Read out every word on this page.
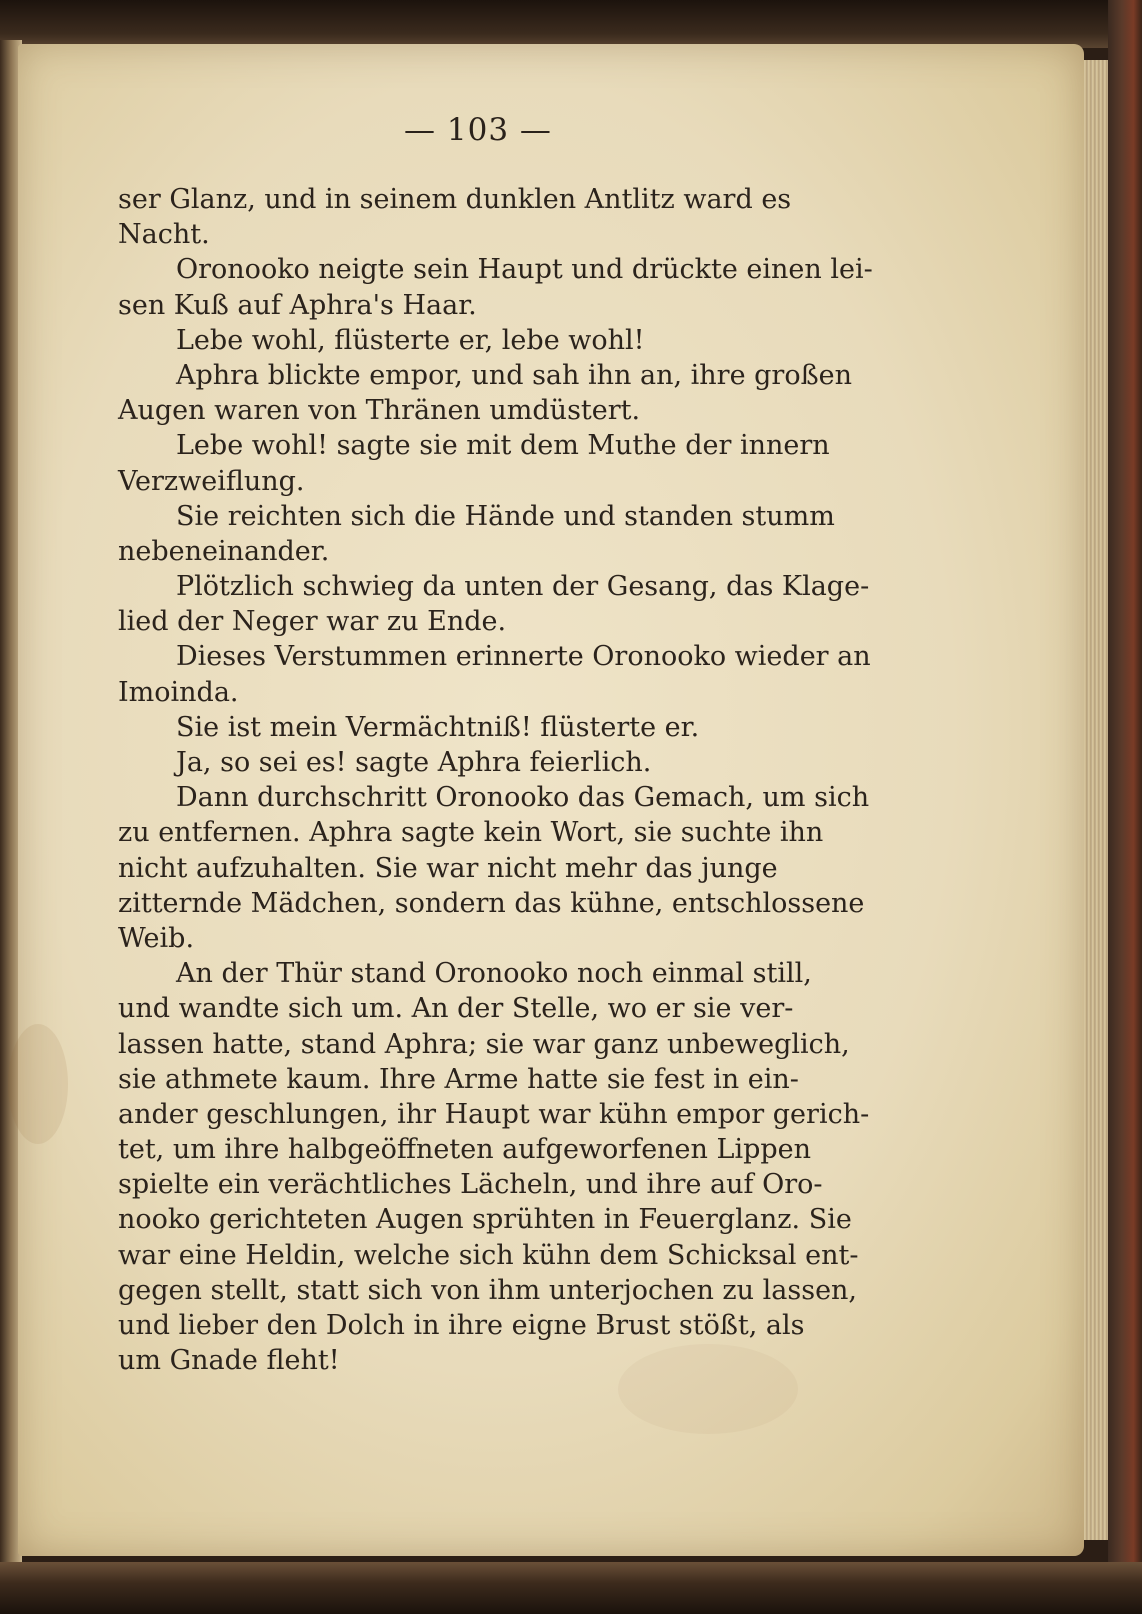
— 103 —
ser Glanz, und in seinem dunklen Antlitz ward es
Nacht.
Oronooko neigte sein Haupt und drückte einen lei-
sen Kuß auf Aphra's Haar.
Lebe wohl, flüsterte er, lebe wohl!
Aphra blickte empor, und sah ihn an, ihre großen
Augen waren von Thränen umdüstert.
Lebe wohl! sagte sie mit dem Muthe der innern
Verzweiflung.
Sie reichten sich die Hände und standen stumm
nebeneinander.
Plötzlich schwieg da unten der Gesang, das Klage-
lied der Neger war zu Ende.
Dieses Verstummen erinnerte Oronooko wieder an
Imoinda.
Sie ist mein Vermächtniß! flüsterte er.
Ja, so sei es! sagte Aphra feierlich.
Dann durchschritt Oronooko das Gemach, um sich
zu entfernen. Aphra sagte kein Wort, sie suchte ihn
nicht aufzuhalten. Sie war nicht mehr das junge
zitternde Mädchen, sondern das kühne, entschlossene
Weib.
An der Thür stand Oronooko noch einmal still,
und wandte sich um. An der Stelle, wo er sie ver-
lassen hatte, stand Aphra; sie war ganz unbeweglich,
sie athmete kaum. Ihre Arme hatte sie fest in ein-
ander geschlungen, ihr Haupt war kühn empor gerich-
tet, um ihre halbgeöffneten aufgeworfenen Lippen
spielte ein verächtliches Lächeln, und ihre auf Oro-
nooko gerichteten Augen sprühten in Feuerglanz. Sie
war eine Heldin, welche sich kühn dem Schicksal ent-
gegen stellt, statt sich von ihm unterjochen zu lassen,
und lieber den Dolch in ihre eigne Brust stößt, als
um Gnade fleht!
